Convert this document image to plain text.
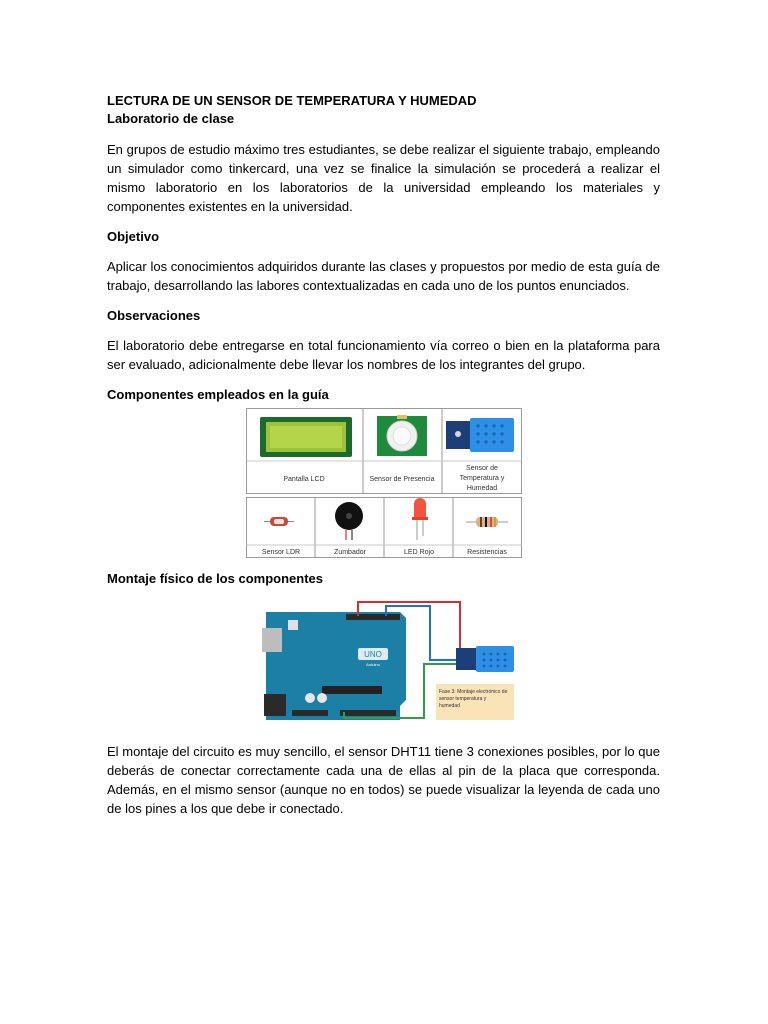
LECTURA DE UN SENSOR DE TEMPERATURA Y HUMEDAD

Laboratorio de clase

En grupos de estudio máximo tres estudiantes, se debe realizar el siguiente trabajo, empleando un simulador como tinkercard, una vez se finalice la simulación se procederá a realizar el mismo laboratorio en los laboratorios de la universidad empleando los materiales y componentes existentes en la universidad.

Objetivo

Aplicar los conocimientos adquiridos durante las clases y propuestos por medio de esta guía de trabajo, desarrollando las labores contextualizadas en cada uno de los puntos enunciados.

Observaciones

El laboratorio debe entregarse en total funcionamiento vía correo o bien en la plataforma para ser evaluado, adicionalmente debe llevar los nombres de los integrantes del grupo.

Componentes empleados en la guía

Pantalla LCD	Sensor de Presencia
Sensor de
Temperatura y
Humedad
Sensor LDR	Zumbador	LED Rojo	Resistencias

Montaje físico de los componentes

UNO
Arduino
Fase 3: Montaje electrónico de
sensor temperatura y
humedad

El montaje del circuito es muy sencillo, el sensor DHT11 tiene 3 conexiones posibles, por lo que deberás de conectar correctamente cada una de ellas al pin de la placa que corresponda. Además, en el mismo sensor (aunque no en todos) se puede visualizar la leyenda de cada uno de los pines a los que debe ir conectado.
